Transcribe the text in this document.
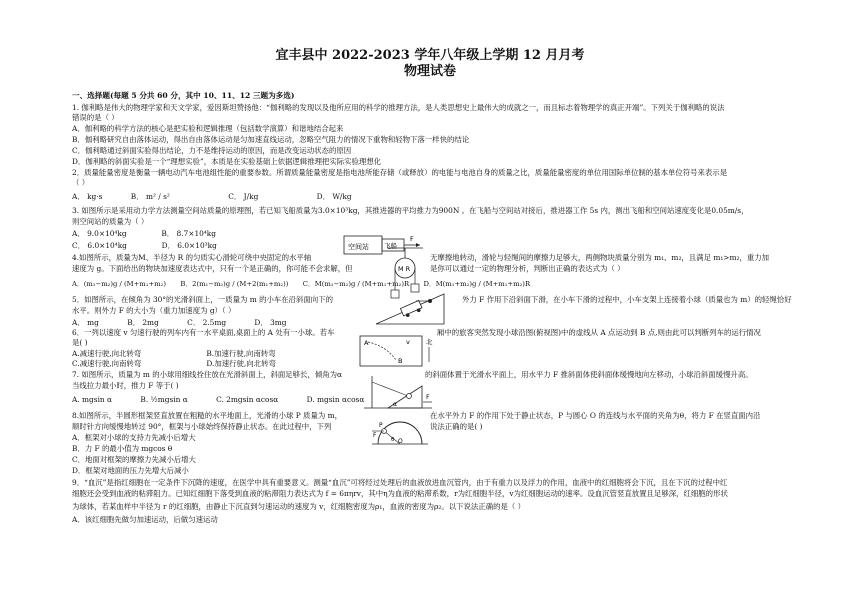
宜丰县中 2022-2023 学年八年级上学期 12 月月考
物理试卷
一、选择题(每题 5 分共 60 分，其中 10、11、12 三题为多选)
1. 伽利略是伟大的物理学家和天文学家，爱因斯坦赞扬他：“伽利略的发现以及他所应用的科学的推理方法，是人类思想史上最伟大的成就之一，而且标志着物理学的真正开端”。下列关于伽利略的说法
错误的是（ ）
A．伽利略的科学方法的核心是把实验和逻辑推理（包括数学演算）和谐地结合起来
B．伽利略研究自由落体运动，得出自由落体运动是匀加速直线运动，忽略空气阻力的情况下重物和轻物下落一样快的结论
C．伽利略通过斜面实验得出结论，力不是维持运动的原因，而是改变运动状态的原因
D．伽利略的斜面实验是一个“理想实验”，本质是在实验基础上依据逻辑推理把实际实验理想化
2．质量能量密度是衡量一辆电动汽车电池组性能的重要参数。所谓质量能量密度是指电池所能存储（或释放）的电能与电池自身的质量之比，质量能量密度的单位用国际单位制的基本单位符号来表示是
（ ）
A． kg·s	B． m² / s²	C． J/kg	D． W/kg
3. 如图所示是采用动力学方法测量空间站质量的原理图，若已知飞船质量为3.0×10³kg，其推进器的平均推力为900N 。在飞船与空间站对接后，推进器工作 5s 内，测出飞船和空间站速度变化是0.05m/s，
则空间站的质量为（ ）
A． 9.0×10⁴kg	B． 8.7×10⁴kg
C． 6.0×10⁴kg	D． 6.0×10³kg	空间站 飞船
F
4.如图所示，质量为M、半径为 R 的匀质实心滑轮可绕中央固定的水平轴	无摩擦地转动，滑轮与轻绳间的摩擦力足够大，两侧物块质量分别为 m₁、m₂，且满足 m₁>m₂，重力加
速度为 g。下面给出的物块加速度表达式中，只有一个是正确的，你可能不会求解，但	是你可以通过一定的物理分析，判断出正确的表达式为（ ）
A．(m₁−m₂)g / (M+m₁+m₂) B．2(m₁−m₂)g / (M+2(m₁+m₂)) C．M(m₁−m₂)g / (M+m₁+m₂)R D．M(m₁+m₂)g / (M+m₁+m₂)R
M R
5．如图所示，在倾角为 30°的光滑斜面上，一质量为 m 的小车在沿斜面向下的	外力 F 作用下沿斜面下滑，在小车下滑的过程中，小车支架上连接着小球（质量也为 m）的轻绳恰好
水平。则外力 F 的大小为（重力加速度为 g）（ ）
A． mg	B． 2mg	C． 2.5mg	D． 3mg
6．一列以速度 v 匀速行驶的列车内有一水平桌面,桌面上的 A 处有一小球。若车	厢中的旅客突然发现小球沿图(俯视图)中的虚线从 A 点运动到 B 点,则由此可以判断列车的运行情况
是( )
A.减速行驶,向北转弯	B.加速行驶,向南转弯
C.减速行驶,向南转弯	D.加速行驶,向北转弯
A
B
北
v
7. 如图所示，质量为 m 的小球用细线拴住放在光滑斜面上，斜面足够长，倾角为α	的斜面体置于光滑水平面上，用水平力 F 推斜面体使斜面体缓慢地向左移动，小球沿斜面缓慢升高。
当线拉力最小时，推力 F 等于( )
A. mgsin α	B. ½mgsin α	C. 2mgsin αcosα	D. mgsin αcosα	F
α
8.如图所示，半圆形框架竖直放置在粗糙的水平地面上，光滑的小球 P 质量为 m，	在水平外力 F 的作用下处于静止状态，P 与圆心 O 的连线与水平面的夹角为θ，将力 F 在竖直面内沿
顺时针方向缓慢地转过 90°，框架与小球始终保持静止状态。在此过程中，下列	说法正确的是( )
A．框架对小球的支持力先减小后增大
B．力 F 的最小值为 mgcos θ
C．地面对框架的摩擦力先减小后增大
D．框架对地面的压力先增大后减小
P
O
θ
F
9．“血沉”是指红细胞在一定条件下沉降的速度，在医学中具有重要意义。测量“血沉”可将经过处理后的血液放进血沉管内，由于有重力以及浮力的作用，血液中的红细胞将会下沉，且在下沉的过程中红
细胞还会受到血液的粘滞阻力。已知红细胞下落受到血液的粘滞阻力表达式为 f = 6πηrv，其中η为血液的粘滞系数，r为红细胞半径，v为红细胞运动的速率。设血沉管竖直放置且足够深，红细胞的形状
为球体，若某血样中半径为 r 的红细胞，由静止下沉直到匀速运动的速度为 v，红细胞密度为ρ₁，血液的密度为ρ₂。以下说法正确的是（ ）
A．该红细胞先做匀加速运动，后做匀速运动
